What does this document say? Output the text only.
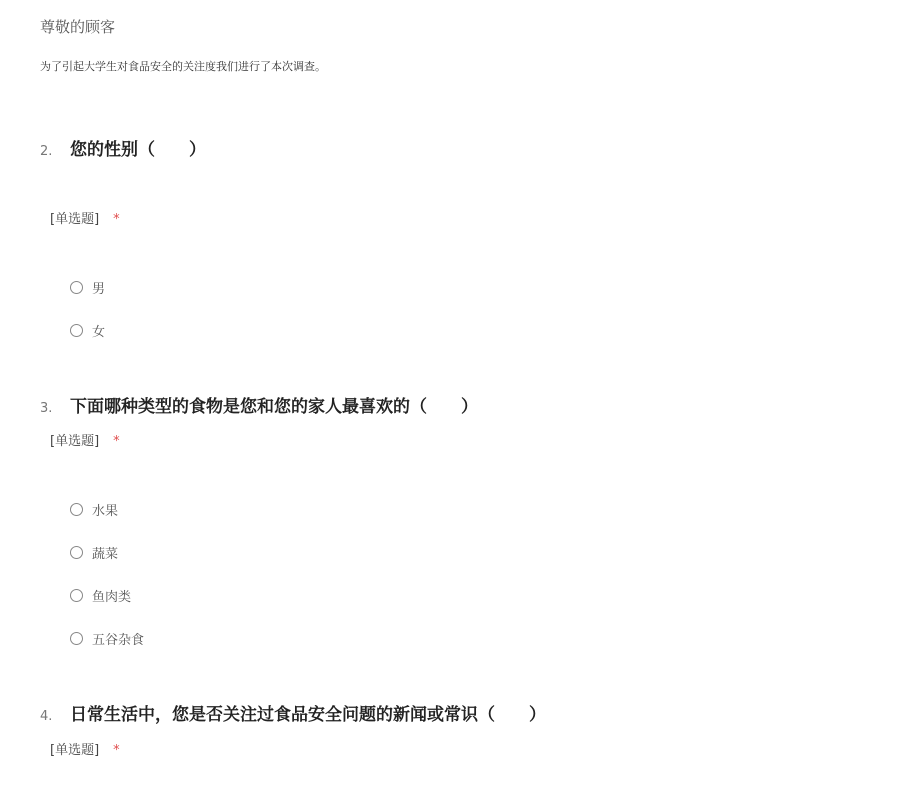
尊敬的顾客
为了引起大学生对食品安全的关注度我们进行了本次调查。
2.	您的性别（　　）
[单选题] *
男
女
3.	下面哪种类型的食物是您和您的家人最喜欢的（　　）
[单选题] *
水果
蔬菜
鱼肉类
五谷杂食
4.	日常生活中，您是否关注过食品安全问题的新闻或常识（　　）
[单选题] *
